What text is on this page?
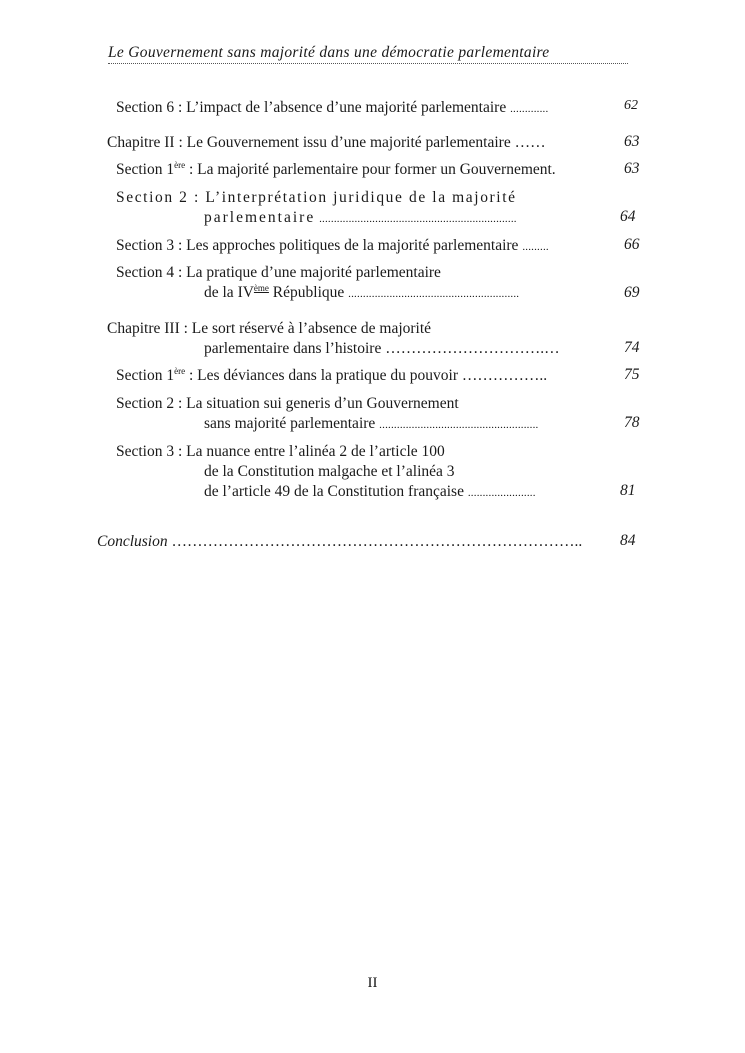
Le Gouvernement sans majorité dans une démocratie parlementaire
Section 6 : L’impact de l’absence d’une majorité parlementaire .............	62
Chapitre II : Le Gouvernement issu d’une majorité parlementaire ……	63
Section 1ère : La majorité parlementaire pour former un Gouvernement.	63
Section 2 : L’interprétation juridique de la majorité
parlementaire ...................................................................	64
Section 3 : Les approches politiques de la majorité parlementaire .........	66
Section 4 : La pratique d’une majorité parlementaire
de la IVème République ..........................................................	69
Chapitre III : Le sort réservé à l’absence de majorité
parlementaire dans l’histoire ………………………….…	74
Section 1ère : Les déviances dans la pratique du pouvoir ……………..	75
Section 2 : La situation sui generis d’un Gouvernement
sans majorité parlementaire ......................................................	78
Section 3 : La nuance entre l’alinéa 2 de l’article 100
de la Constitution malgache et l’alinéa 3
de l’article 49 de la Constitution française .......................	81
Conclusion …………………………………………………………………….. 84
II
